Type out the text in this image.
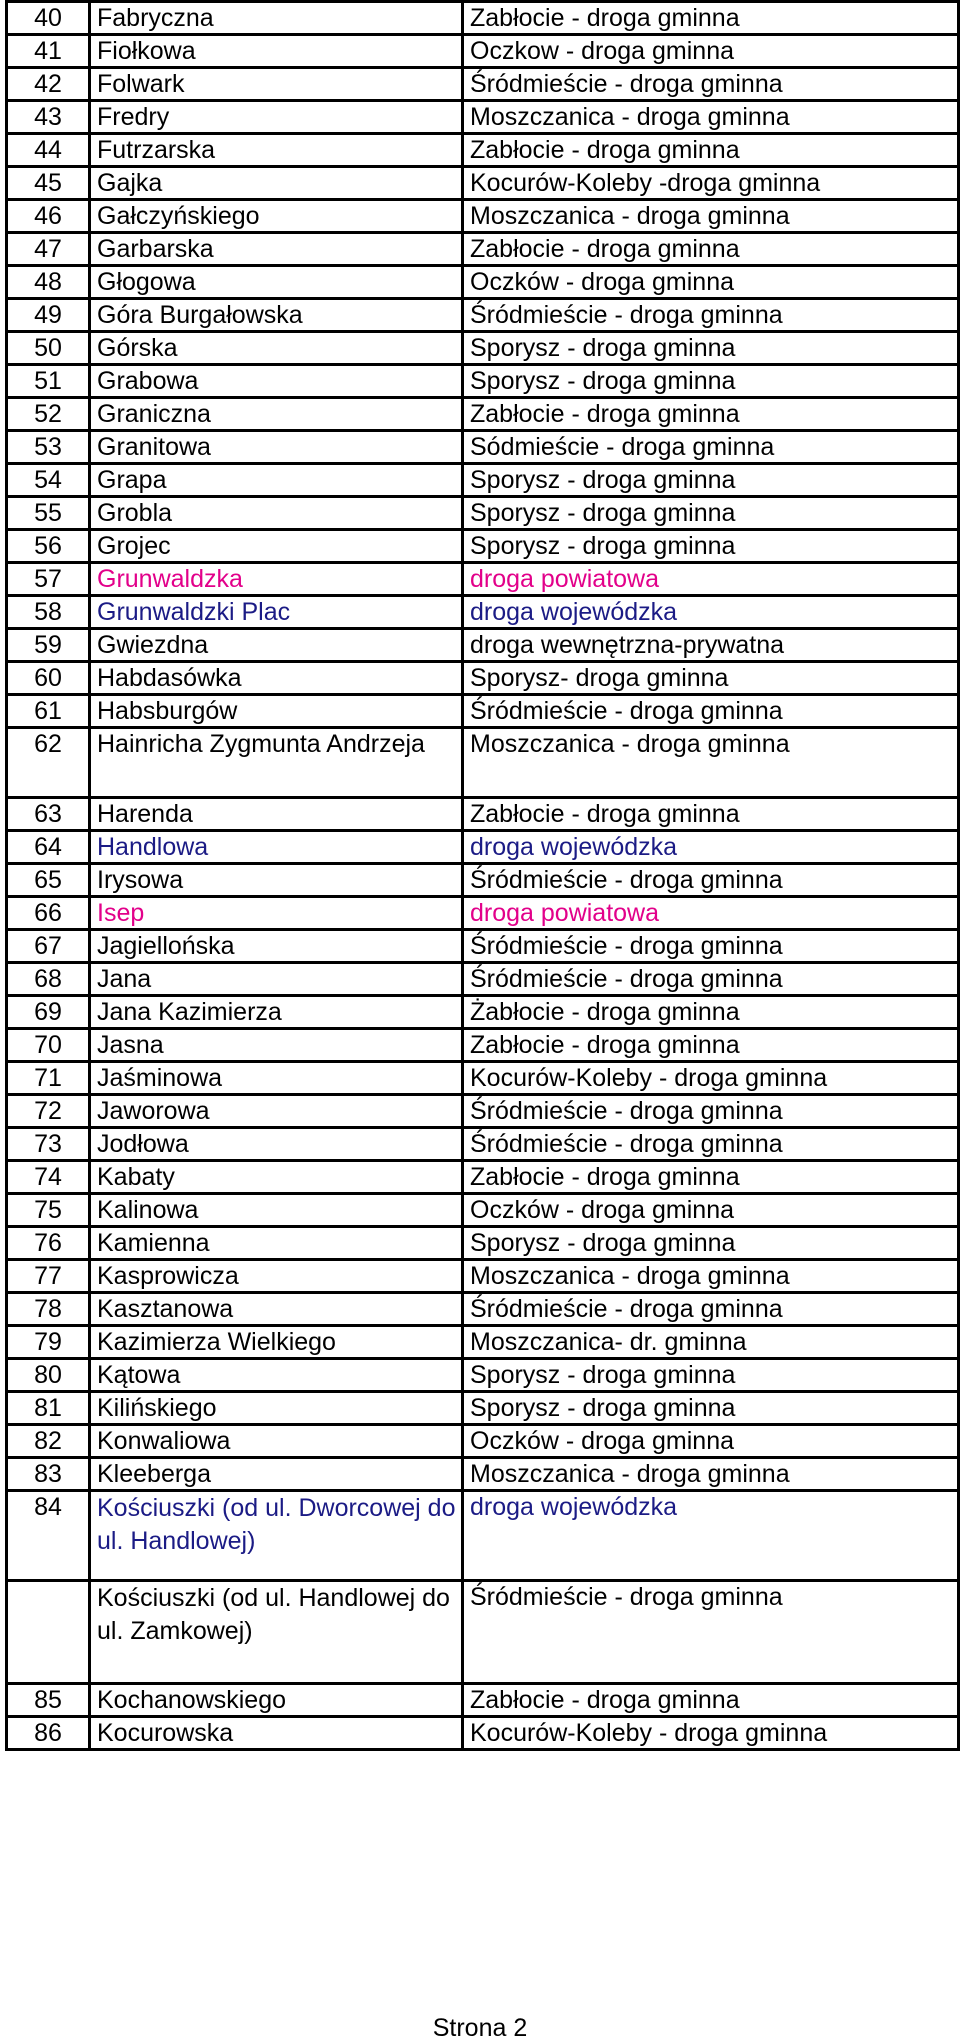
40	Fabryczna	Zabłocie - droga gminna
41	Fiołkowa	Oczkow - droga gminna
42	Folwark	Śródmieście - droga gminna
43	Fredry	Moszczanica - droga gminna
44	Futrzarska	Zabłocie - droga gminna
45	Gajka	Kocurów-Koleby -droga gminna
46	Gałczyńskiego	Moszczanica - droga gminna
47	Garbarska	Zabłocie - droga gminna
48	Głogowa	Oczków - droga gminna
49	Góra Burgałowska	Śródmieście - droga gminna
50	Górska	Sporysz - droga gminna
51	Grabowa	Sporysz - droga gminna
52	Graniczna	Zabłocie - droga gminna
53	Granitowa	Sódmieście - droga gminna
54	Grapa	Sporysz - droga gminna
55	Grobla	Sporysz - droga gminna
56	Grojec	Sporysz - droga gminna
57	Grunwaldzka	droga powiatowa
58	Grunwaldzki Plac	droga wojewódzka
59	Gwiezdna	droga wewnętrzna-prywatna
60	Habdasówka	Sporysz- droga gminna
61	Habsburgów	Śródmieście - droga gminna
62	Hainricha Zygmunta Andrzeja	Moszczanica - droga gminna
63	Harenda	Zabłocie - droga gminna
64	Handlowa	droga wojewódzka
65	Irysowa	Śródmieście - droga gminna
66	Isep	droga powiatowa
67	Jagiellońska	Śródmieście - droga gminna
68	Jana	Śródmieście - droga gminna
69	Jana Kazimierza	Żabłocie - droga gminna
70	Jasna	Zabłocie - droga gminna
71	Jaśminowa	Kocurów-Koleby - droga gminna
72	Jaworowa	Śródmieście - droga gminna
73	Jodłowa	Śródmieście - droga gminna
74	Kabaty	Zabłocie - droga gminna
75	Kalinowa	Oczków - droga gminna
76	Kamienna	Sporysz - droga gminna
77	Kasprowicza	Moszczanica - droga gminna
78	Kasztanowa	Śródmieście - droga gminna
79	Kazimierza Wielkiego	Moszczanica- dr. gminna
80	Kątowa	Sporysz - droga gminna
81	Kilińskiego	Sporysz - droga gminna
82	Konwaliowa	Oczków - droga gminna
83	Kleeberga	Moszczanica - droga gminna
84	Kościuszki (od ul. Dworcowej do ul. Handlowej)	droga wojewódzka
	Kościuszki (od ul. Handlowej do ul. Zamkowej)	Śródmieście - droga gminna
85	Kochanowskiego	Zabłocie - droga gminna
86	Kocurowska	Kocurów-Koleby - droga gminna
Strona 2
